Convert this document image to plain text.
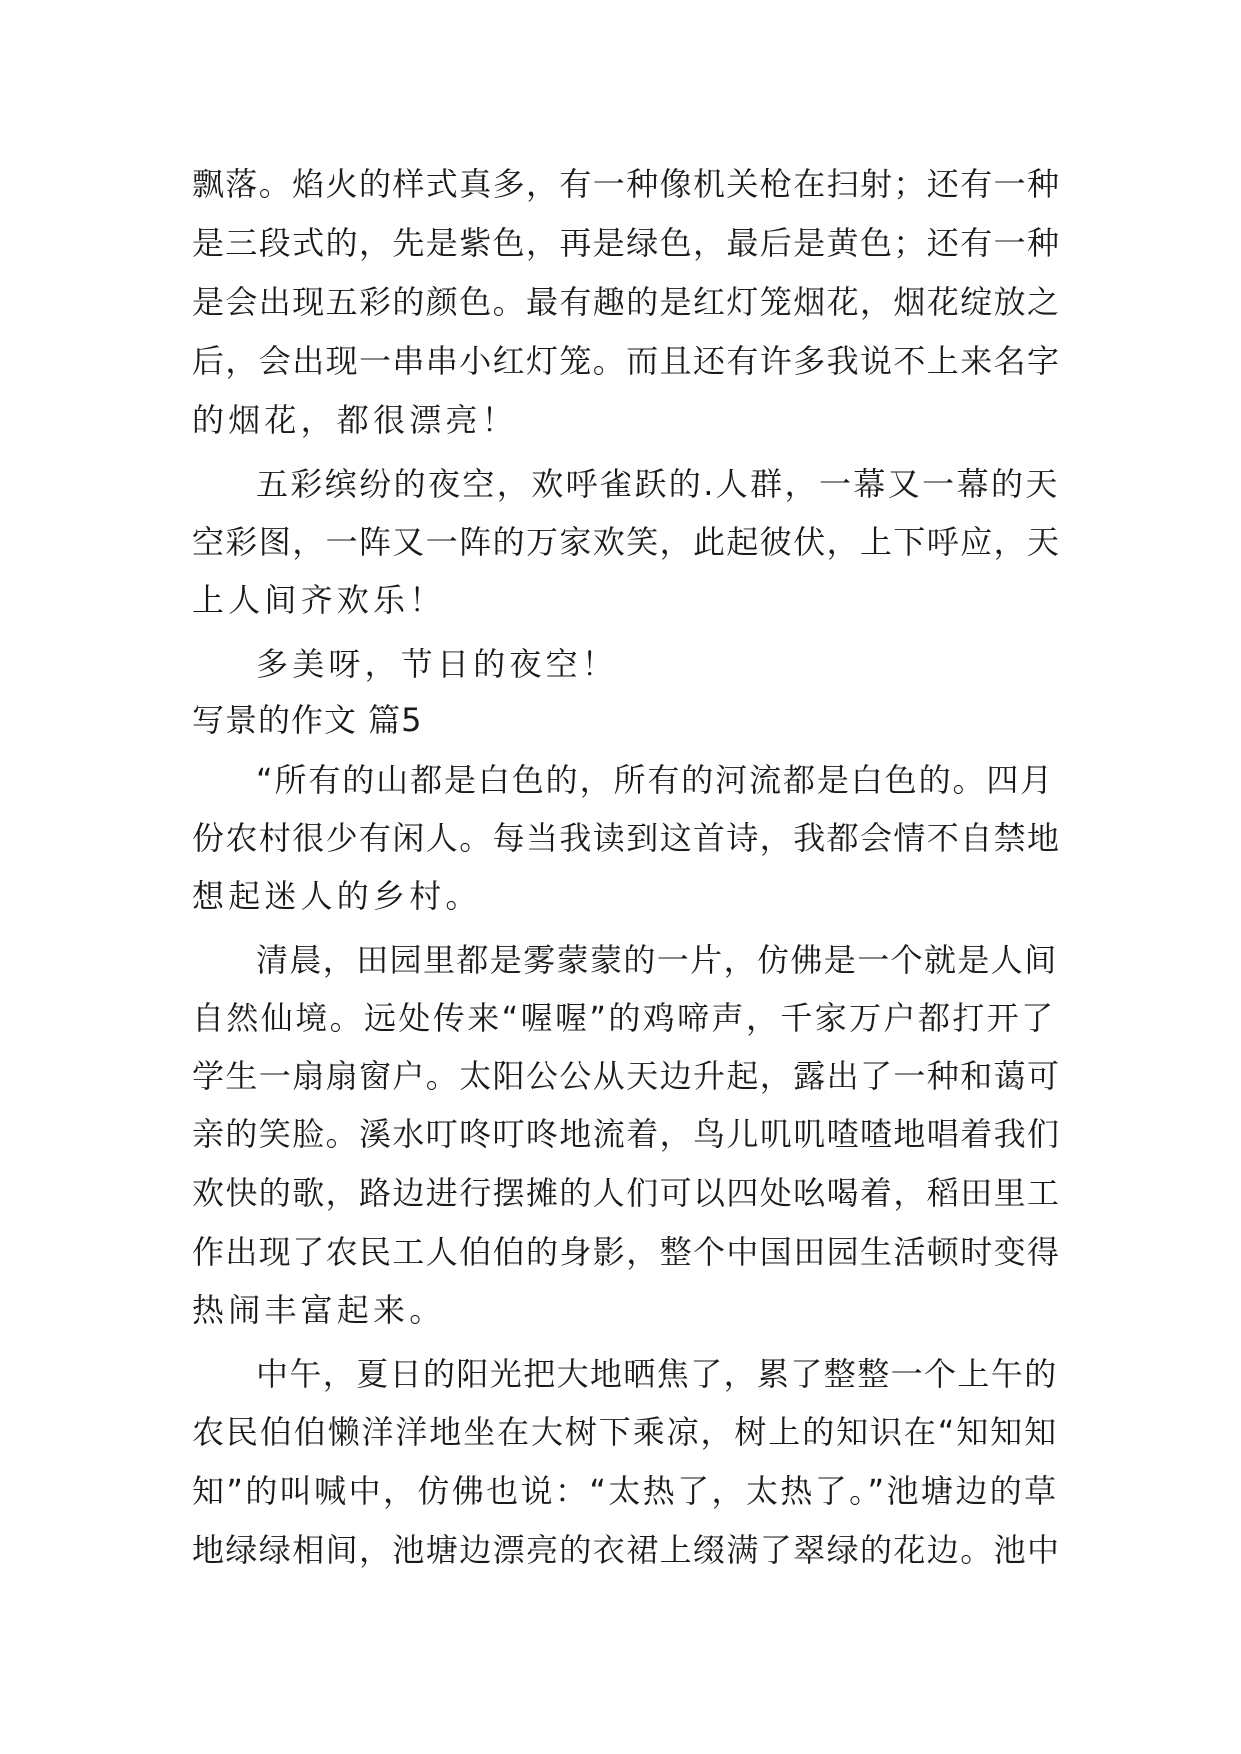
飘落。焰火的样式真多，有一种像机关枪在扫射；还有一种
是三段式的，先是紫色，再是绿色，最后是黄色；还有一种
是会出现五彩的颜色。最有趣的是红灯笼烟花，烟花绽放之
后，会出现一串串小红灯笼。而且还有许多我说不上来名字
的烟花，都很漂亮！
五彩缤纷的夜空，欢呼雀跃的.人群，一幕又一幕的天
空彩图，一阵又一阵的万家欢笑，此起彼伏，上下呼应，天
上人间齐欢乐！
多美呀，节日的夜空！
写景的作文 篇5
“所有的山都是白色的，所有的河流都是白色的。四月
份农村很少有闲人。每当我读到这首诗，我都会情不自禁地
想起迷人的乡村。
清晨，田园里都是雾蒙蒙的一片，仿佛是一个就是人间
自然仙境。远处传来“喔喔”的鸡啼声，千家万户都打开了
学生一扇扇窗户。太阳公公从天边升起，露出了一种和蔼可
亲的笑脸。溪水叮咚叮咚地流着，鸟儿叽叽喳喳地唱着我们
欢快的歌，路边进行摆摊的人们可以四处吆喝着，稻田里工
作出现了农民工人伯伯的身影，整个中国田园生活顿时变得
热闹丰富起来。
中午，夏日的阳光把大地晒焦了，累了整整一个上午的
农民伯伯懒洋洋地坐在大树下乘凉，树上的知识在“知知知
知”的叫喊中，仿佛也说：“太热了，太热了。”池塘边的草
地绿绿相间，池塘边漂亮的衣裙上缀满了翠绿的花边。池中
